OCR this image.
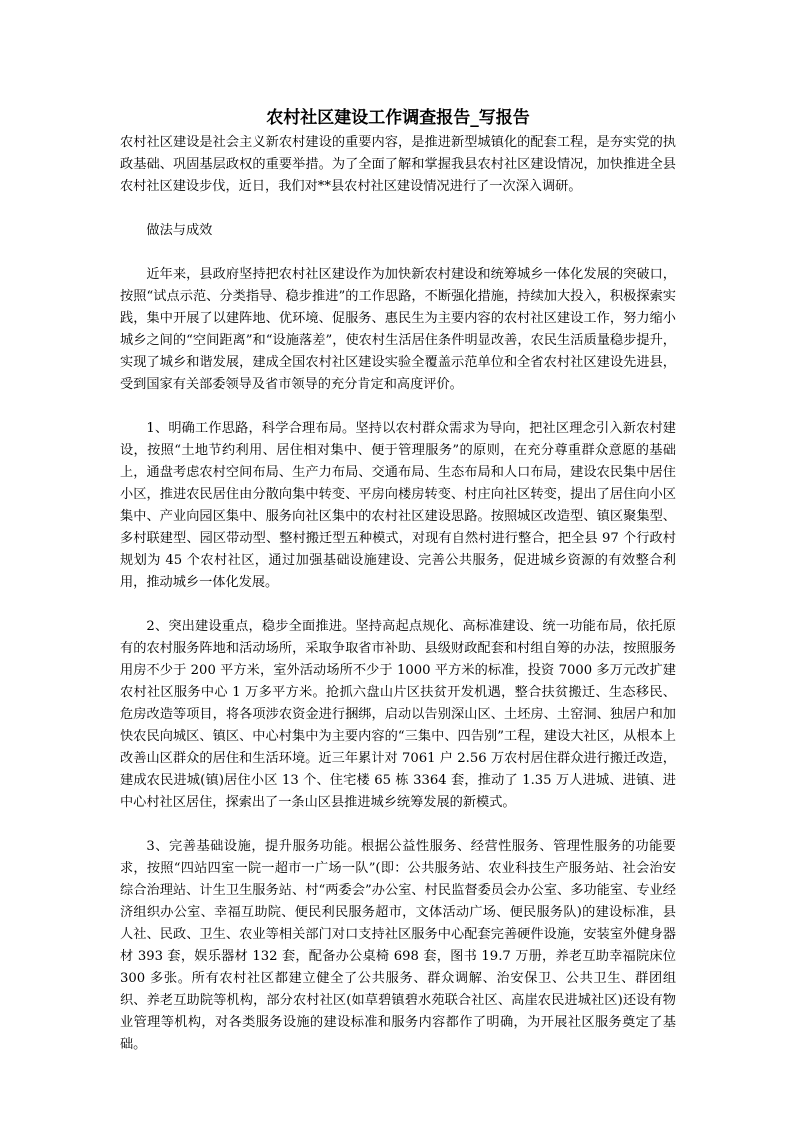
农村社区建设工作调查报告_写报告

农村社区建设是社会主义新农村建设的重要内容，是推进新型城镇化的配套工程，是夯实党的执政基础、巩固基层政权的重要举措。为了全面了解和掌握我县农村社区建设情况，加快推进全县农村社区建设步伐，近日，我们对**县农村社区建设情况进行了一次深入调研。

做法与成效

近年来，县政府坚持把农村社区建设作为加快新农村建设和统筹城乡一体化发展的突破口，按照“试点示范、分类指导、稳步推进”的工作思路，不断强化措施，持续加大投入，积极探索实践，集中开展了以建阵地、优环境、促服务、惠民生为主要内容的农村社区建设工作，努力缩小城乡之间的“空间距离”和“设施落差”，使农村生活居住条件明显改善，农民生活质量稳步提升，实现了城乡和谐发展，建成全国农村社区建设实验全覆盖示范单位和全省农村社区建设先进县，受到国家有关部委领导及省市领导的充分肯定和高度评价。

1、明确工作思路，科学合理布局。坚持以农村群众需求为导向，把社区理念引入新农村建设，按照“土地节约利用、居住相对集中、便于管理服务”的原则，在充分尊重群众意愿的基础上，通盘考虑农村空间布局、生产力布局、交通布局、生态布局和人口布局，建设农民集中居住小区，推进农民居住由分散向集中转变、平房向楼房转变、村庄向社区转变，提出了居住向小区集中、产业向园区集中、服务向社区集中的农村社区建设思路。按照城区改造型、镇区聚集型、多村联建型、园区带动型、整村搬迁型五种模式，对现有自然村进行整合，把全县 97 个行政村规划为 45 个农村社区，通过加强基础设施建设、完善公共服务，促进城乡资源的有效整合利用，推动城乡一体化发展。

2、突出建设重点，稳步全面推进。坚持高起点规化、高标准建设、统一功能布局，依托原有的农村服务阵地和活动场所，采取争取省市补助、县级财政配套和村组自筹的办法，按照服务用房不少于 200 平方米，室外活动场所不少于 1000 平方米的标准，投资 7000 多万元改扩建农村社区服务中心 1 万多平方米。抢抓六盘山片区扶贫开发机遇，整合扶贫搬迁、生态移民、危房改造等项目，将各项涉农资金进行捆绑，启动以告别深山区、土坯房、土窑洞、独居户和加快农民向城区、镇区、中心村集中为主要内容的“三集中、四告别”工程，建设大社区，从根本上改善山区群众的居住和生活环境。近三年累计对 7061 户 2.56 万农村居住群众进行搬迁改造，建成农民进城(镇)居住小区 13 个、住宅楼 65 栋 3364 套，推动了 1.35 万人进城、进镇、进中心村社区居住，探索出了一条山区县推进城乡统筹发展的新模式。

3、完善基础设施，提升服务功能。根据公益性服务、经营性服务、管理性服务的功能要求，按照“四站四室一院一超市一广场一队”(即：公共服务站、农业科技生产服务站、社会治安综合治理站、计生卫生服务站、村“两委会”办公室、村民监督委员会办公室、多功能室、专业经济组织办公室、幸福互助院、便民利民服务超市，文体活动广场、便民服务队)的建设标准，县人社、民政、卫生、农业等相关部门对口支持社区服务中心配套完善硬件设施，安装室外健身器材 393 套，娱乐器材 132 套，配备办公桌椅 698 套，图书 19.7 万册，养老互助幸福院床位 300 多张。所有农村社区都建立健全了公共服务、群众调解、治安保卫、公共卫生、群团组织、养老互助院等机构，部分农村社区(如草碧镇碧水苑联合社区、高崖农民进城社区)还设有物业管理等机构，对各类服务设施的建设标准和服务内容都作了明确，为开展社区服务奠定了基础。
